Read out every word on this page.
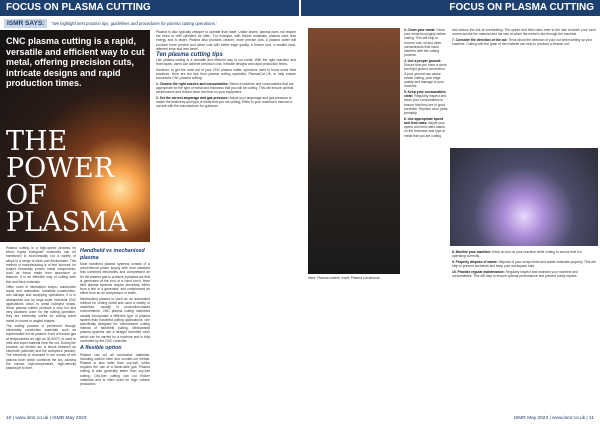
FOCUS ON PLASMA CUTTING	FOCUS ON PLASMA CUTTING
ISMR SAYS:	"We highlight best practice tips, guidelines and procedures for plasma cutting operations."
CNC plasma cutting is a rapid, versatile and efficient way to cut metal, offering precision cuts, intricate designs and rapid production times.
THE POWER OF PLASMA

Plasma cutting is a high-speed process by which highly energised molecules can be harnessed to economically cut a variety of alloys in a range of sizes and thicknesses. This method of manufacturing is of first 'sources' for today's financially proven metal components, such as those made from aluminium or titanium. It is an effective way of cutting both thin and thick materials.

Often used in fabrication shops, automotive repair and restoration, industrial construction, and salvage and scrapping operations, it is in widespread use by large-scale industrial CNC applications down to small hobbyist shops. Since plasma cutters produce a very hot and very localised 'cone' for the cutting operation, they are extremely useful for cutting sheet metal in curved or angled shapes.

The cutting process is performed through electrically conductive materials such as superheated hot air plasma. A set of excess gas at temperatures as high as 30,000°C is used to melt and expel material from the cut. During the process, an electric arc is struck between an electrode (cathode) and the workpiece (anode). The electrode is recessed in the nozzle of the plasma torch which constricts the arc, causing the narrow, high-temperature, high-velocity plasma jet to form.

Handheld vs mechanised plasma

Most handheld plasma systems consist of a conventional power supply with host standard that combines electrodes and compressed air for the plasma gas to produce a plasma arc that is generated at the end of a hand torch. Here field plasma systems require electricity, either from a line or a generator, and compressed air either from an air compressor or bottle.

Mechanised plasma is used as an automated method for cutting metal and used a variety of machines, usually in production-based environments. CNC plasma cutting machines usually incorporate a different type of plasma system than handheld cutting applications, one specifically designed for 'mechanised' cutting instead of handheld cutting. Mechanised plasma systems use a straight barrelled torch which can be carried by a machine and is fully controlled by the CNC controller.

A flexible option

Plasma can cut all conductive materials, including carbon steel and counter-cut metals. Plasma is also safer than oxy-fuel, which requires the use of a flame-able gas. Plasma cutting is also generally faster than oxy-fuel cutting. Oxy-fuel cutting can cut thicker materials and is often used for high volume production.

Plasma is also typically cheaper to operate than laser. Unlike lasers, plasma does not require the need to refill cylinders as often. For example, with thicker materials, plasma uses less energy and is faster. Plasma also provides cleaner, more precise cuts. A plasma cutter will produce more precise and clean cuts with better edge quality, a thinner kerf, a smaller heat-affected zone and less bevel.

Ten plasma cutting tips

Like plasma cutting is a versatile and efficient way to cut metal. With the right machine and techniques, users can achieve precision cuts, intricate designs and rapid production times.

However, to get the most out of your CNC plasma cutter, operators need to know some best practices. Here are ten tips from plasma cutting specialist, PlasmaCut UK, to help ensure successful CNC plasma cutting:

1. Choose the right nozzles and consumables: Select a machine and consumables that are appropriate for the type of metal and thickness that you will be cutting. This will ensure optimal performance and reduce wear and tear on your equipment.
2. Set the correct amperage and gas pressure: Adjust your amperage and gas pressure to match the thickness and type of metal that you are cutting. Refer to your machine's manual or consult with the manufacturer for guidance.
Here: Plasma cutters. Inset: Plasma cut artwork.
3. Clean your metal: Clean your metal thoroughly before cutting. This will help to remove rust, oil and other contaminants that could interfere with the cutting process.
4. Use a proper ground: Ensure that you have a clean and tight ground connection. A poor ground can cause erratic cutting, poor edge quality and damage to your machine.
5. Keep your consumables clean: Regularly inspect and clean your consumables to ensure that they are in good condition. Replace worn parts promptly.
6. Use appropriate speed and feed rates: Adjust your speed and feed rates based on the thickness and type of metal that you are cutting.

and reduce the risk of overheating. The speed and feed rates refer to the rate at which your torch moves across the material and the rate at which the metal is fed through the machine.

7. Consider the direction of the cut: Think about the direction of your cut when setting up your machine. Cutting with the grain of the material can help to produce a cleaner cut.
8. Monitor your machine: Keep an eye on your machine while cutting to ensure that it is operating correctly.
9. Properly dispose of waste: Dispose of your scrap metal and waste materials properly. This will help to prevent accidents and keep your workspace safe.
10. Practice regular maintenance: Regularly inspect and maintain your machine and consumables. This will help to ensure optimal performance and prevent costly repairs.
10 | www.ismr.co.uk | ISMR May 2023	ISMR May 2023 | www.ismr.co.uk | 11
